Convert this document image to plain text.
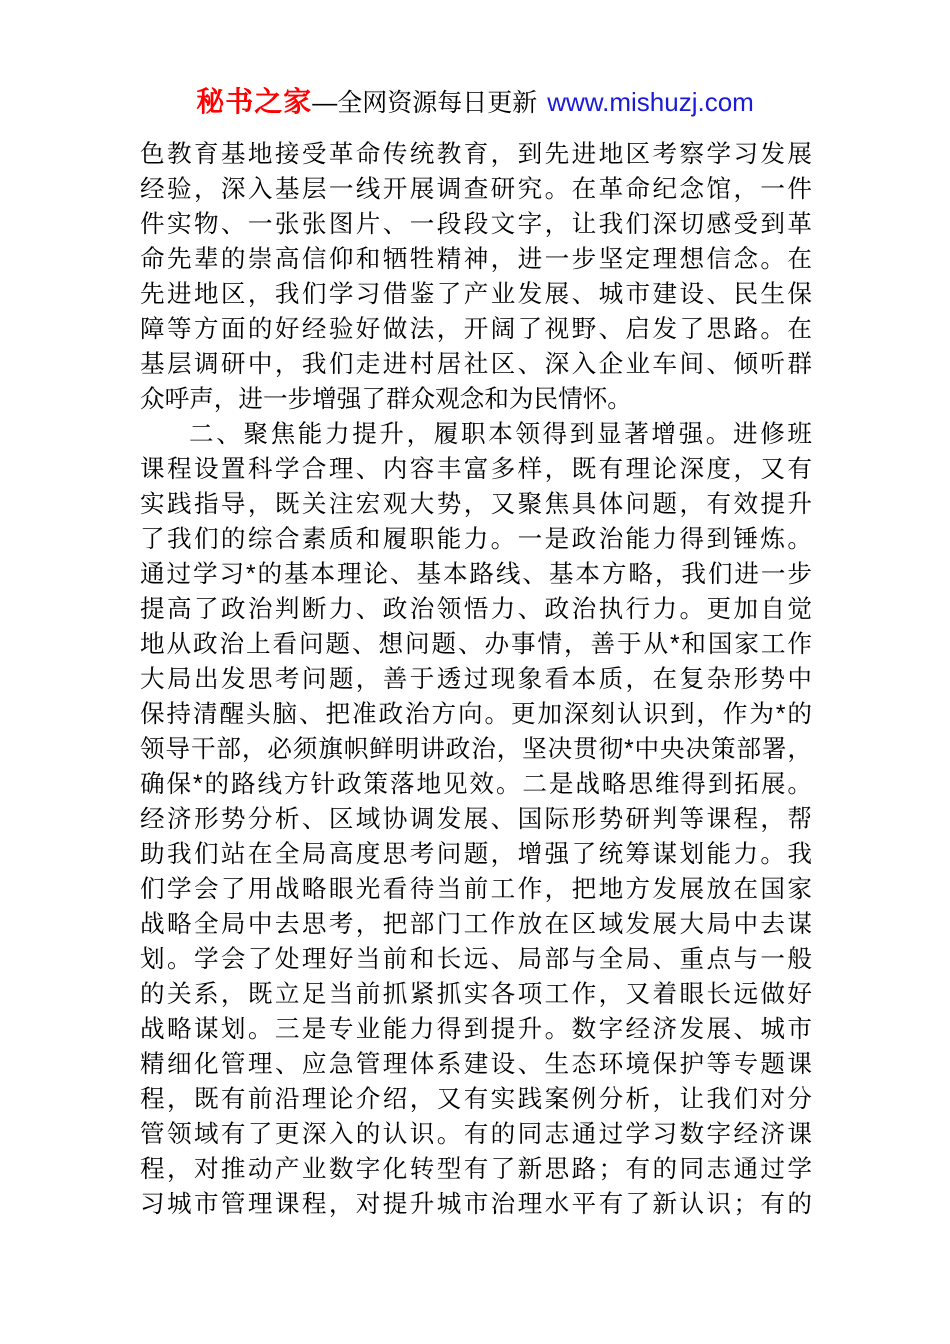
秘书之家—全网资源每日更新 www.mishuzj.com
色教育基地接受革命传统教育，到先进地区考察学习发展
经验，深入基层一线开展调查研究。在革命纪念馆，一件
件实物、一张张图片、一段段文字，让我们深切感受到革
命先辈的崇高信仰和牺牲精神，进一步坚定理想信念。在
先进地区，我们学习借鉴了产业发展、城市建设、民生保
障等方面的好经验好做法，开阔了视野、启发了思路。在
基层调研中，我们走进村居社区、深入企业车间、倾听群
众呼声，进一步增强了群众观念和为民情怀。
二、聚焦能力提升，履职本领得到显著增强。进修班
课程设置科学合理、内容丰富多样，既有理论深度，又有
实践指导，既关注宏观大势，又聚焦具体问题，有效提升
了我们的综合素质和履职能力。一是政治能力得到锤炼。
通过学习*的基本理论、基本路线、基本方略，我们进一步
提高了政治判断力、政治领悟力、政治执行力。更加自觉
地从政治上看问题、想问题、办事情，善于从*和国家工作
大局出发思考问题，善于透过现象看本质，在复杂形势中
保持清醒头脑、把准政治方向。更加深刻认识到，作为*的
领导干部，必须旗帜鲜明讲政治，坚决贯彻*中央决策部署，
确保*的路线方针政策落地见效。二是战略思维得到拓展。
经济形势分析、区域协调发展、国际形势研判等课程，帮
助我们站在全局高度思考问题，增强了统筹谋划能力。我
们学会了用战略眼光看待当前工作，把地方发展放在国家
战略全局中去思考，把部门工作放在区域发展大局中去谋
划。学会了处理好当前和长远、局部与全局、重点与一般
的关系，既立足当前抓紧抓实各项工作，又着眼长远做好
战略谋划。三是专业能力得到提升。数字经济发展、城市
精细化管理、应急管理体系建设、生态环境保护等专题课
程，既有前沿理论介绍，又有实践案例分析，让我们对分
管领域有了更深入的认识。有的同志通过学习数字经济课
程，对推动产业数字化转型有了新思路；有的同志通过学
习城市管理课程，对提升城市治理水平有了新认识；有的
